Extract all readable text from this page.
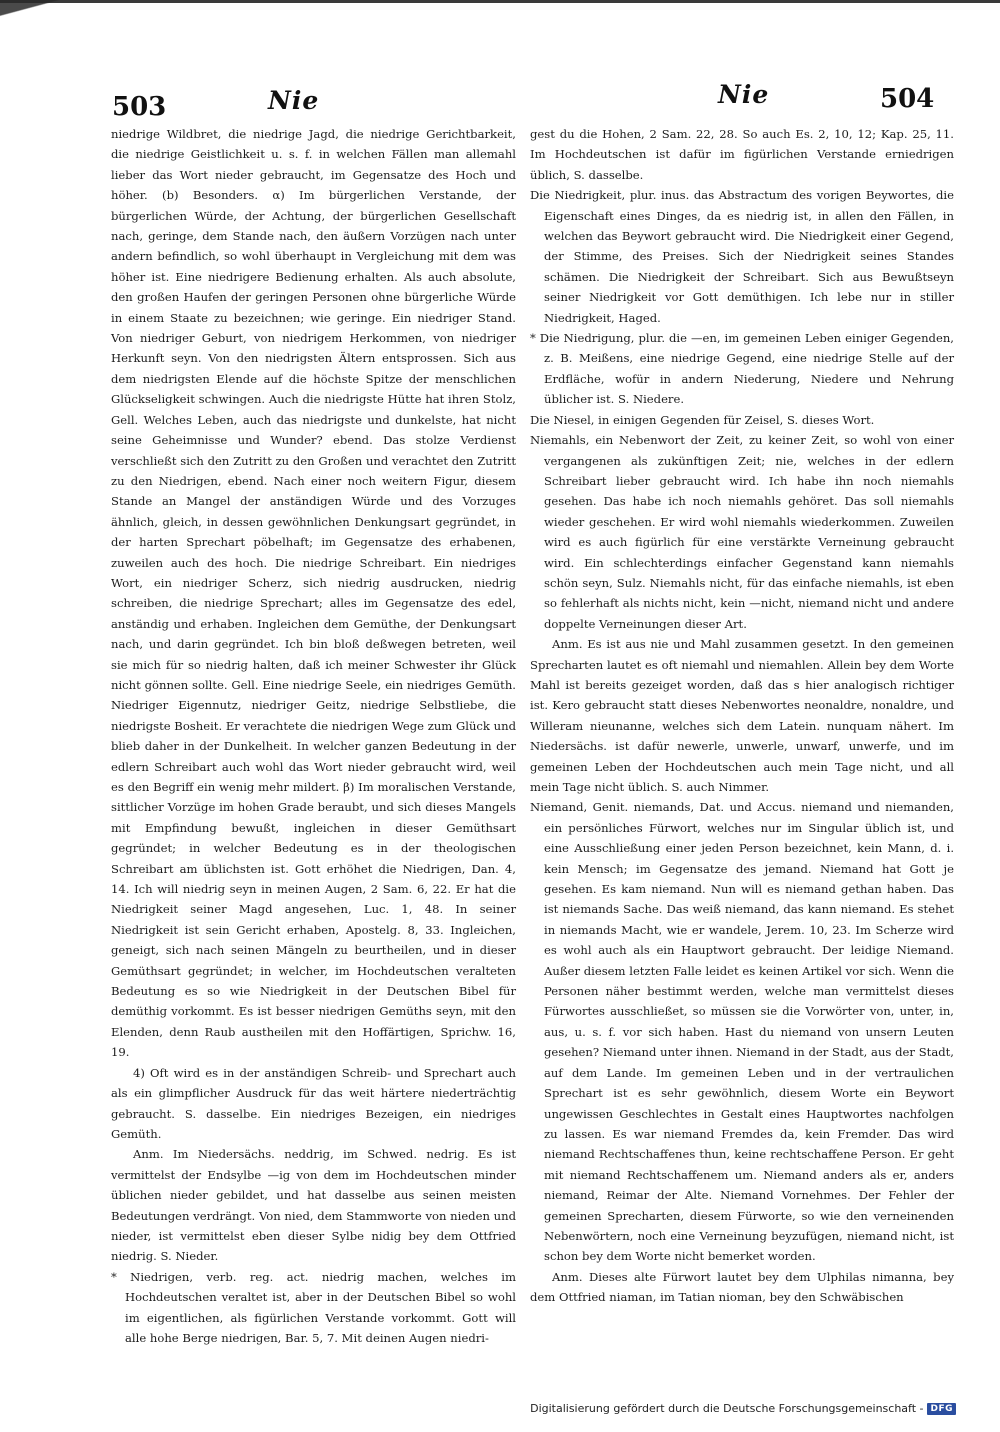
503	Nie	Nie	504

niedrige Wildbret, die niedrige Jagd, die niedrige Gerichtbarkeit, die niedrige Geistlichkeit u. s. f. in welchen Fällen man allemahl lieber das Wort nieder gebraucht, im Gegensatze des Hoch und höher. (b) Besonders. α) Im bürgerlichen Verstande, der bürgerlichen Würde, der Achtung, der bürgerlichen Gesellschaft nach, geringe, dem Stande nach, den äußern Vorzügen nach unter andern befindlich, so wohl überhaupt in Vergleichung mit dem was höher ist. Eine niedrigere Bedienung erhalten. Als auch absolute, den großen Haufen der geringen Personen ohne bürgerliche Würde in einem Staate zu bezeichnen; wie geringe. Ein niedriger Stand. Von niedriger Geburt, von niedrigem Herkommen, von niedriger Herkunft seyn. Von den niedrigsten Ältern entsprossen. Sich aus dem niedrigsten Elende auf die höchste Spitze der menschlichen Glückseligkeit schwingen. Auch die niedrigste Hütte hat ihren Stolz, Gell. Welches Leben, auch das niedrigste und dunkelste, hat nicht seine Geheimnisse und Wunder? ebend. Das stolze Verdienst verschließt sich den Zutritt zu den Großen und verachtet den Zutritt zu den Niedrigen, ebend. Nach einer noch weitern Figur, diesem Stande an Mangel der anständigen Würde und des Vorzuges ähnlich, gleich, in dessen gewöhnlichen Denkungsart gegründet, in der harten Sprechart pöbelhaft; im Gegensatze des erhabenen, zuweilen auch des hoch. Die niedrige Schreibart. Ein niedriges Wort, ein niedriger Scherz, sich niedrig ausdrucken, niedrig schreiben, die niedrige Sprechart; alles im Gegensatze des edel, anständig und erhaben. Ingleichen dem Gemüthe, der Denkungsart nach, und darin gegründet. Ich bin bloß deßwegen betreten, weil sie mich für so niedrig halten, daß ich meiner Schwester ihr Glück nicht gönnen sollte. Gell. Eine niedrige Seele, ein niedriges Gemüth. Niedriger Eigennutz, niedriger Geitz, niedrige Selbstliebe, die niedrigste Bosheit. Er verachtete die niedrigen Wege zum Glück und blieb daher in der Dunkelheit. In welcher ganzen Bedeutung in der edlern Schreibart auch wohl das Wort nieder gebraucht wird, weil es den Begriff ein wenig mehr mildert. β) Im moralischen Verstande, sittlicher Vorzüge im hohen Grade beraubt, und sich dieses Mangels mit Empfindung bewußt, ingleichen in dieser Gemüthsart gegründet; in welcher Bedeutung es in der theologischen Schreibart am üblichsten ist. Gott erhöhet die Niedrigen, Dan. 4, 14. Ich will niedrig seyn in meinen Augen, 2 Sam. 6, 22. Er hat die Niedrigkeit seiner Magd angesehen, Luc. 1, 48. In seiner Niedrigkeit ist sein Gericht erhaben, Apostelg. 8, 33. Ingleichen, geneigt, sich nach seinen Mängeln zu beurtheilen, und in dieser Gemüthsart gegründet; in welcher, im Hochdeutschen veralteten Bedeutung es so wie Niedrigkeit in der Deutschen Bibel für demüthig vorkommt. Es ist besser niedrigen Gemüths seyn, mit den Elenden, denn Raub austheilen mit den Hoffärtigen, Sprichw. 16, 19.

4) Oft wird es in der anständigen Schreib- und Sprechart auch als ein glimpflicher Ausdruck für das weit härtere niederträchtig gebraucht. S. dasselbe. Ein niedriges Bezeigen, ein niedriges Gemüth.

Anm. Im Niedersächs. neddrig, im Schwed. nedrig. Es ist vermittelst der Endsylbe —ig von dem im Hochdeutschen minder üblichen nieder gebildet, und hat dasselbe aus seinen meisten Bedeutungen verdrängt. Von nied, dem Stammworte von nieden und nieder, ist vermittelst eben dieser Sylbe nidig bey dem Ottfried niedrig. S. Nieder.

* Niedrigen, verb. reg. act. niedrig machen, welches im Hochdeutschen veraltet ist, aber in der Deutschen Bibel so wohl im eigentlichen, als figürlichen Verstande vorkommt. Gott will alle hohe Berge niedrigen, Bar. 5, 7. Mit deinen Augen niedri-

gest du die Hohen, 2 Sam. 22, 28. So auch Es. 2, 10, 12; Kap. 25, 11. Im Hochdeutschen ist dafür im figürlichen Verstande erniedrigen üblich, S. dasselbe.

Die Niedrigkeit, plur. inus. das Abstractum des vorigen Beywortes, die Eigenschaft eines Dinges, da es niedrig ist, in allen den Fällen, in welchen das Beywort gebraucht wird. Die Niedrigkeit einer Gegend, der Stimme, des Preises. Sich der Niedrigkeit seines Standes schämen. Die Niedrigkeit der Schreibart. Sich aus Bewußtseyn seiner Niedrigkeit vor Gott demüthigen. Ich lebe nur in stiller Niedrigkeit, Haged.

* Die Niedrigung, plur. die —en, im gemeinen Leben einiger Gegenden, z. B. Meißens, eine niedrige Gegend, eine niedrige Stelle auf der Erdfläche, wofür in andern Niederung, Niedere und Nehrung üblicher ist. S. Niedere.

Die Niesel, in einigen Gegenden für Zeisel, S. dieses Wort.

Niemahls, ein Nebenwort der Zeit, zu keiner Zeit, so wohl von einer vergangenen als zukünftigen Zeit; nie, welches in der edlern Schreibart lieber gebraucht wird. Ich habe ihn noch niemahls gesehen. Das habe ich noch niemahls gehöret. Das soll niemahls wieder geschehen. Er wird wohl niemahls wiederkommen. Zuweilen wird es auch figürlich für eine verstärkte Verneinung gebraucht wird. Ein schlechterdings einfacher Gegenstand kann niemahls schön seyn, Sulz. Niemahls nicht, für das einfache niemahls, ist eben so fehlerhaft als nichts nicht, kein —nicht, niemand nicht und andere doppelte Verneinungen dieser Art.

Anm. Es ist aus nie und Mahl zusammen gesetzt. In den gemeinen Sprecharten lautet es oft niemahl und niemahlen. Allein bey dem Worte Mahl ist bereits gezeiget worden, daß das s hier analogisch richtiger ist. Kero gebraucht statt dieses Nebenwortes neonaldre, nonaldre, und Willeram nieunanne, welches sich dem Latein. nunquam nähert. Im Niedersächs. ist dafür newerle, unwerle, unwarf, unwerfe, und im gemeinen Leben der Hochdeutschen auch mein Tage nicht, und all mein Tage nicht üblich. S. auch Nimmer.

Niemand, Genit. niemands, Dat. und Accus. niemand und niemanden, ein persönliches Fürwort, welches nur im Singular üblich ist, und eine Ausschließung einer jeden Person bezeichnet, kein Mann, d. i. kein Mensch; im Gegensatze des jemand. Niemand hat Gott je gesehen. Es kam niemand. Nun will es niemand gethan haben. Das ist niemands Sache. Das weiß niemand, das kann niemand. Es stehet in niemands Macht, wie er wandele, Jerem. 10, 23. Im Scherze wird es wohl auch als ein Hauptwort gebraucht. Der leidige Niemand. Außer diesem letzten Falle leidet es keinen Artikel vor sich. Wenn die Personen näher bestimmt werden, welche man vermittelst dieses Fürwortes ausschließet, so müssen sie die Vorwörter von, unter, in, aus, u. s. f. vor sich haben. Hast du niemand von unsern Leuten gesehen? Niemand unter ihnen. Niemand in der Stadt, aus der Stadt, auf dem Lande. Im gemeinen Leben und in der vertraulichen Sprechart ist es sehr gewöhnlich, diesem Worte ein Beywort ungewissen Geschlechtes in Gestalt eines Hauptwortes nachfolgen zu lassen. Es war niemand Fremdes da, kein Fremder. Das wird niemand Rechtschaffenes thun, keine rechtschaffene Person. Er geht mit niemand Rechtschaffenem um. Niemand anders als er, anders niemand, Reimar der Alte. Niemand Vornehmes. Der Fehler der gemeinen Sprecharten, diesem Fürworte, so wie den verneinenden Nebenwörtern, noch eine Verneinung beyzufügen, niemand nicht, ist schon bey dem Worte nicht bemerket worden.

Anm. Dieses alte Fürwort lautet bey dem Ulphilas nimanna, bey dem Ottfried niaman, im Tatian nioman, bey den Schwäbischen

Digitalisierung gefördert durch die Deutsche Forschungsgemeinschaft - DFG
